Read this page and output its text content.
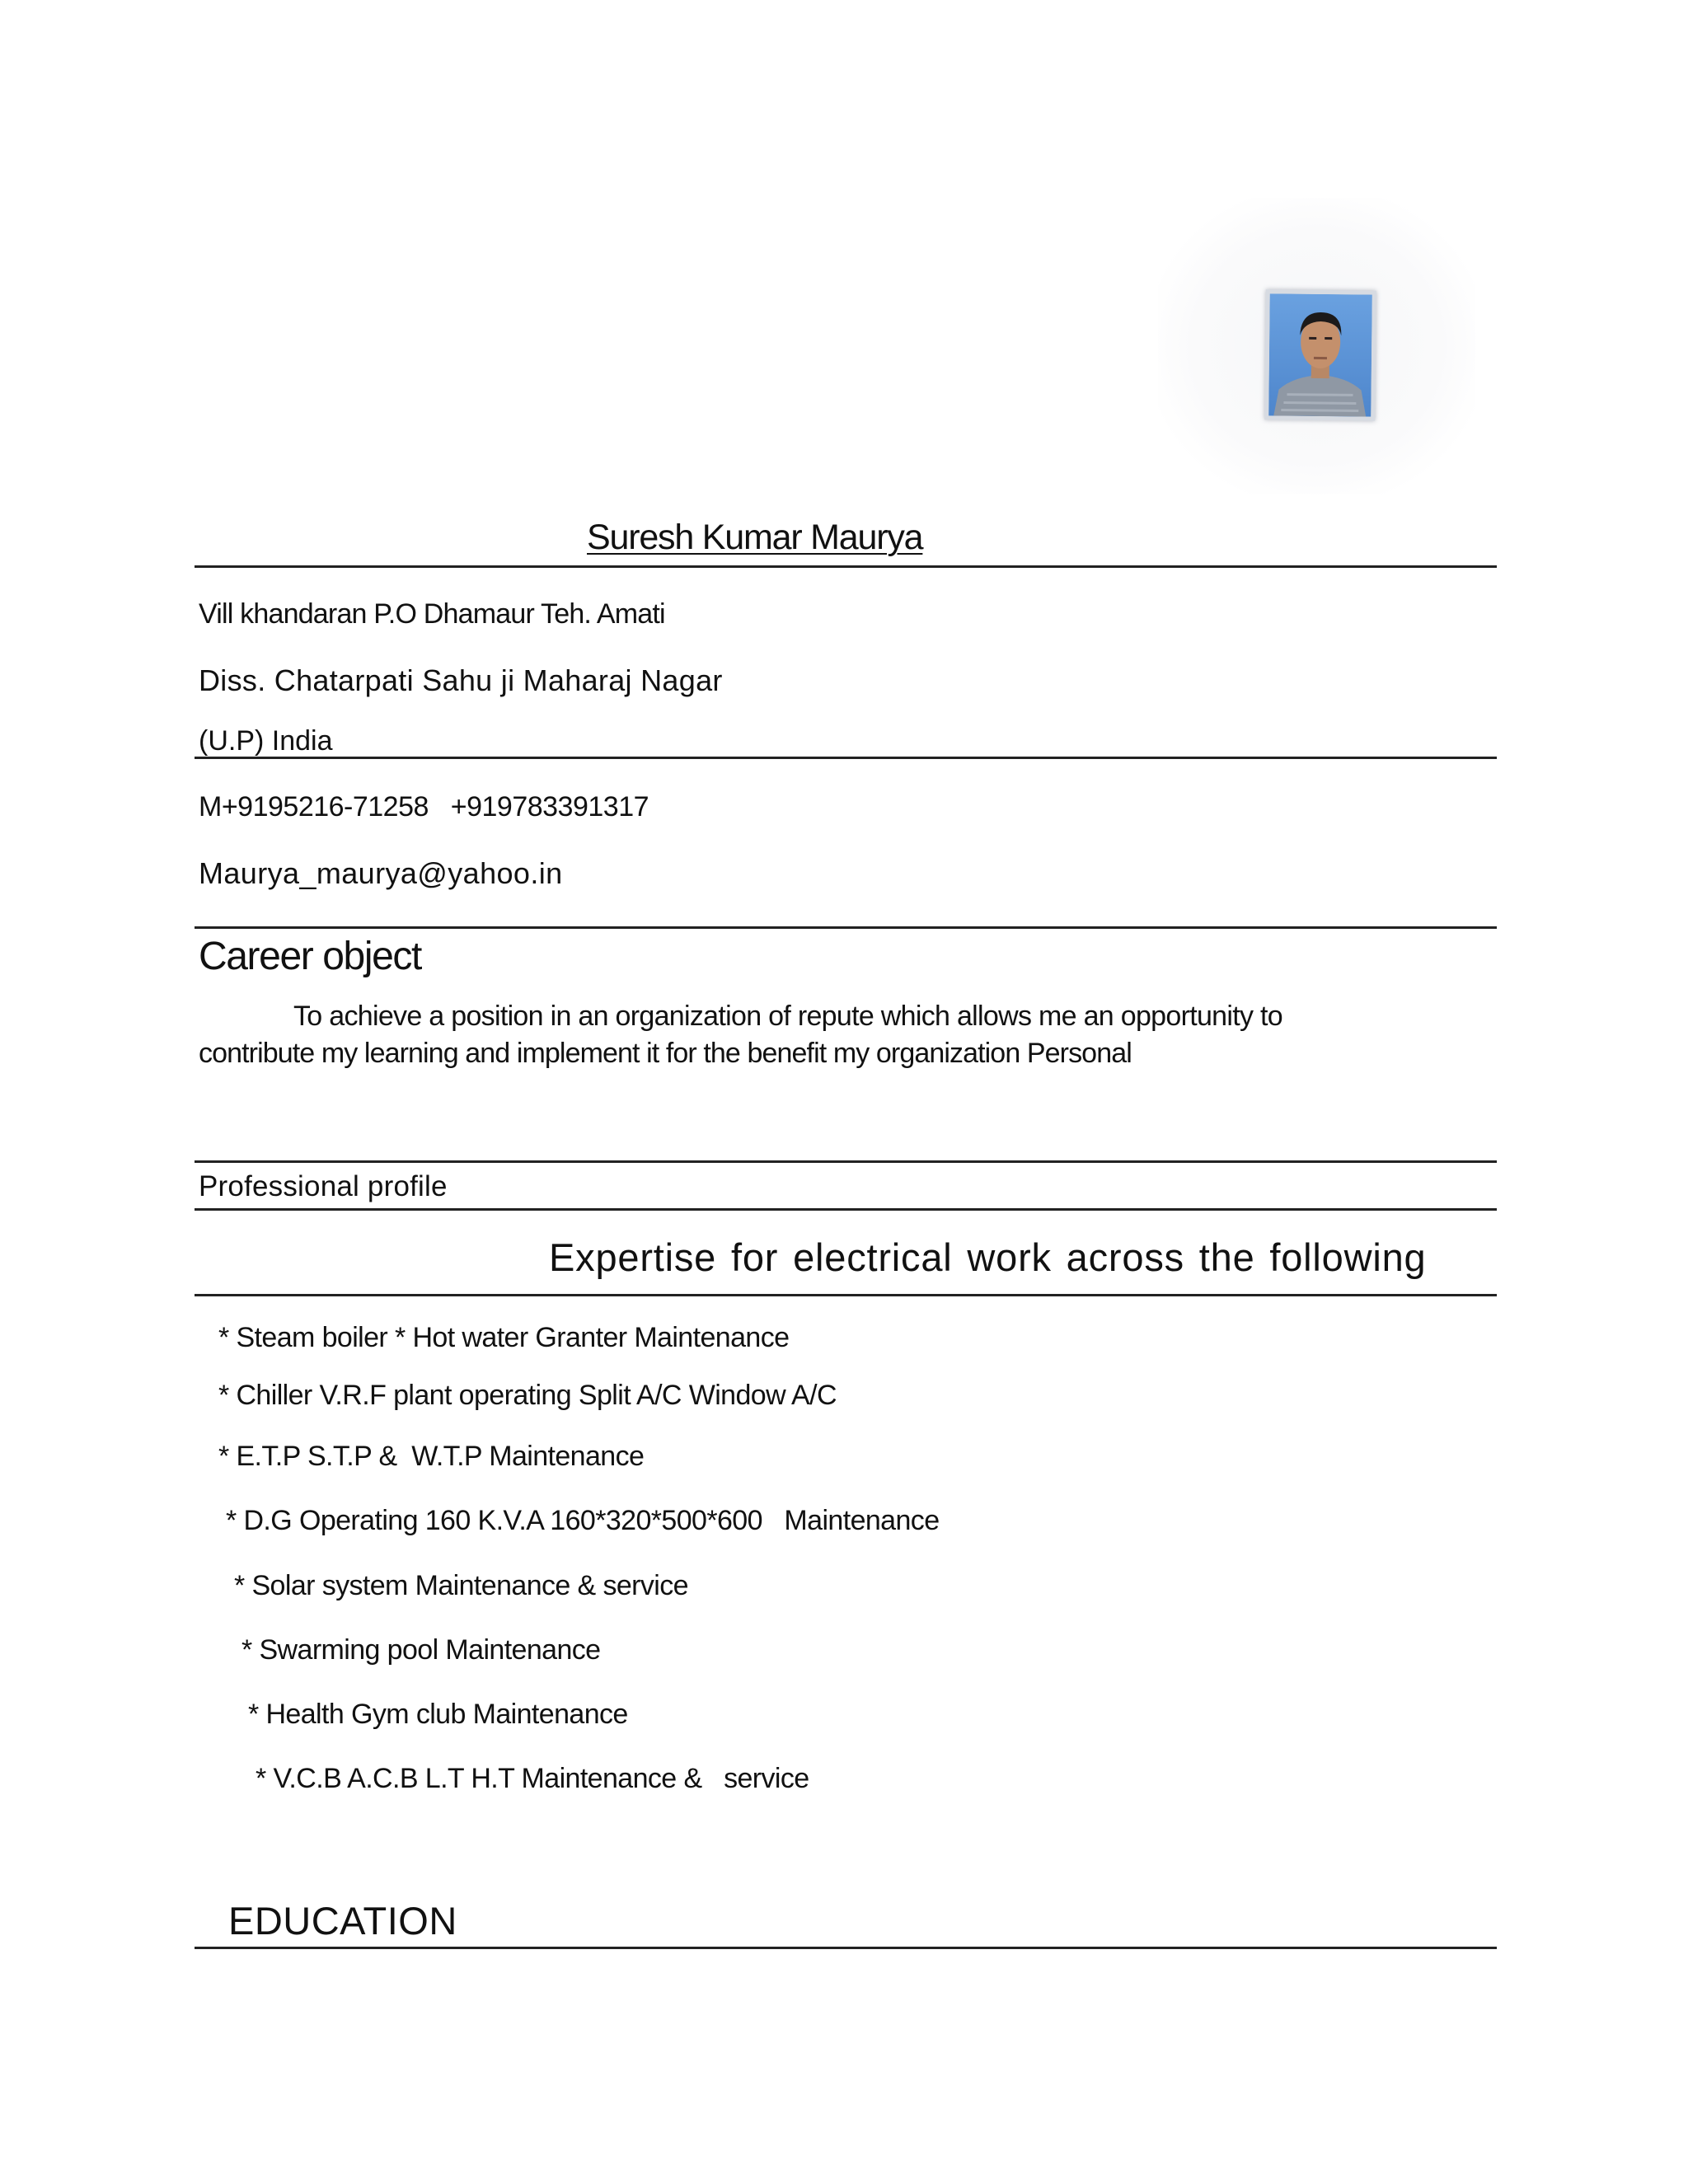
Suresh Kumar Maurya
Vill khandaran P.O Dhamaur Teh. Amati
Diss. Chatarpati Sahu ji Maharaj Nagar
(U.P) India
M+9195216-71258   +919783391317
Maurya_maurya@yahoo.in
Career object
To achieve a position in an organization of repute which allows me an opportunity to
contribute my learning and implement it for the benefit my organization Personal
Professional profile
Expertise for electrical work across the following
* Steam boiler * Hot water Granter Maintenance
* Chiller V.R.F plant operating Split A/C Window A/C
* E.T.P S.T.P &  W.T.P Maintenance
* D.G Operating 160 K.V.A 160*320*500*600   Maintenance
* Solar system Maintenance & service
* Swarming pool Maintenance
* Health Gym club Maintenance
* V.C.B A.C.B L.T H.T Maintenance &   service
EDUCATION
